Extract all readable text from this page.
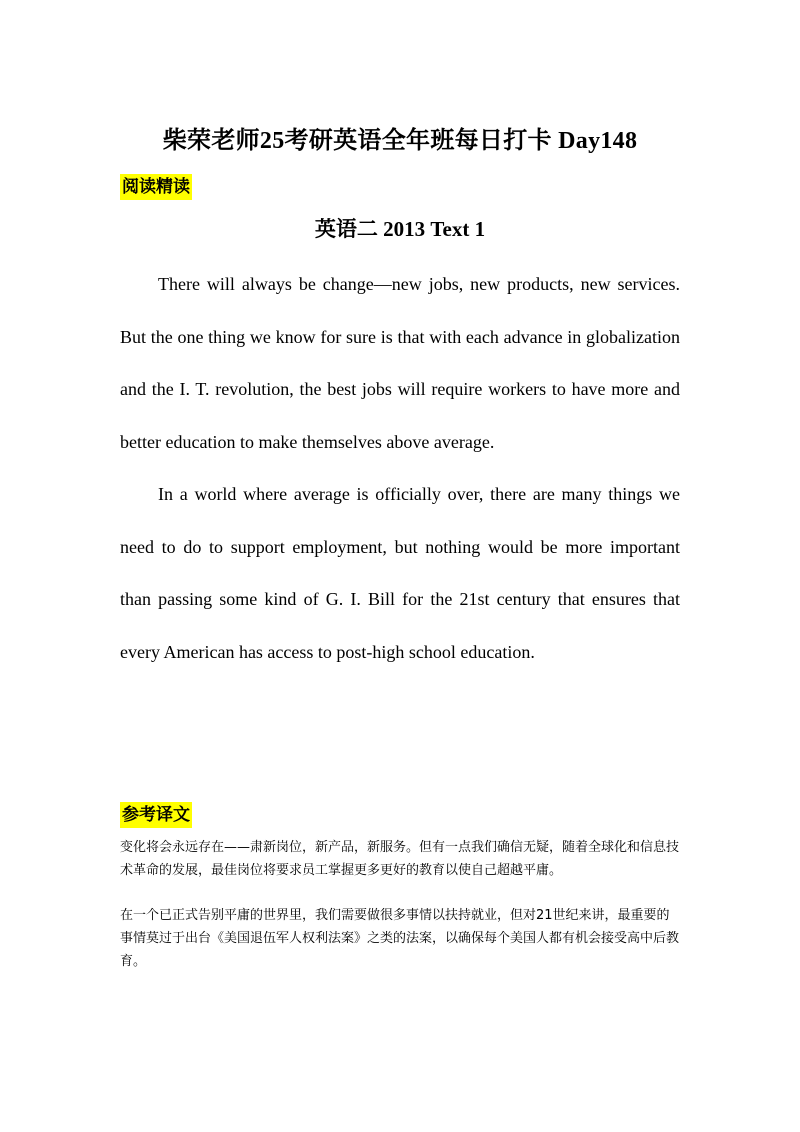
柴荣老师25考研英语全年班每日打卡 Day148
阅读精读
英语二 2013 Text 1

There will always be change—new jobs, new products, new services. But the one thing we know for sure is that with each advance in globalization and the I. T. revolution, the best jobs will require workers to have more and better education to make themselves above average.

In a world where average is officially over, there are many things we need to do to support employment, but nothing would be more important than passing some kind of G. I. Bill for the 21st century that ensures that every American has access to post-high school education.

参考译文

变化将会永远存在——肃新岗位，新产品，新服务。但有一点我们确信无疑，随着全球化和信息技术革命的发展，最佳岗位将要求员工掌握更多更好的教育以使自己超越平庸。

在一个已正式告别平庸的世界里，我们需要做很多事情以扶持就业，但对21世纪来讲，最重要的事情莫过于出台《美国退伍军人权利法案》之类的法案，以确保每个美国人都有机会接受高中后教育。
